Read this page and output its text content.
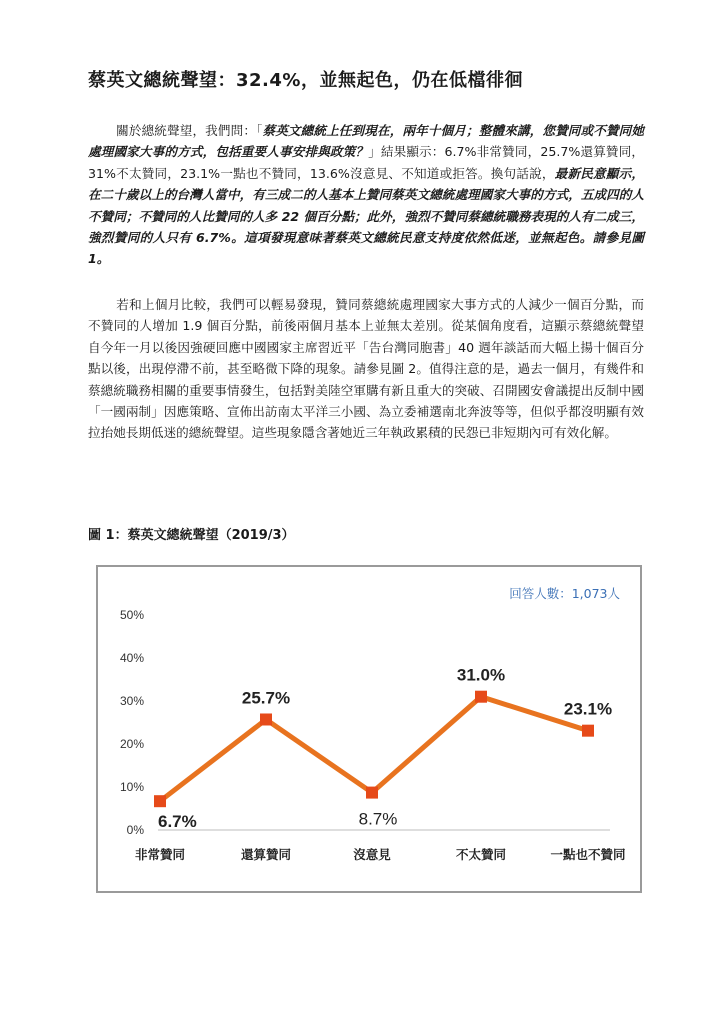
蔡英文總統聲望：32.4%，並無起色，仍在低檔徘徊
關於總統聲望，我們問：「蔡英文總統上任到現在，兩年十個月；整體來講，您贊同或不贊同她處理國家大事的方式，包括重要人事安排與政策？」結果顯示：6.7%非常贊同，25.7%還算贊同，31%不太贊同，23.1%一點也不贊同，13.6%沒意見、不知道或拒答。換句話說，最新民意顯示，在二十歲以上的台灣人當中，有三成二的人基本上贊同蔡英文總統處理國家大事的方式，五成四的人不贊同；不贊同的人比贊同的人多 22 個百分點；此外，強烈不贊同蔡總統職務表現的人有二成三，強烈贊同的人只有 6.7%。這項發現意味著蔡英文總統民意支持度依然低迷，並無起色。請參見圖 1。
若和上個月比較，我們可以輕易發現，贊同蔡總統處理國家大事方式的人減少一個百分點，而不贊同的人增加 1.9 個百分點，前後兩個月基本上並無太差別。從某個角度看，這顯示蔡總統聲望自今年一月以後因強硬回應中國國家主席習近平「告台灣同胞書」40 週年談話而大幅上揚十個百分點以後，出現停滯不前，甚至略微下降的現象。請參見圖 2。值得注意的是，過去一個月，有幾件和蔡總統職務相關的重要事情發生，包括對美陸空軍購有新且重大的突破、召開國安會議提出反制中國「一國兩制」因應策略、宣佈出訪南太平洋三小國、為立委補選南北奔波等等，但似乎都沒明顯有效拉抬她長期低迷的總統聲望。這些現象隱含著她近三年執政累積的民怨已非短期內可有效化解。
圖 1：蔡英文總統聲望（2019/3）
回答人數：1,073人
0%
10%
20%
30%
40%
50%
非常贊同	還算贊同	沒意見	不太贊同	一點也不贊同
6.7%
25.7%
8.7%
31.0%
23.1%
